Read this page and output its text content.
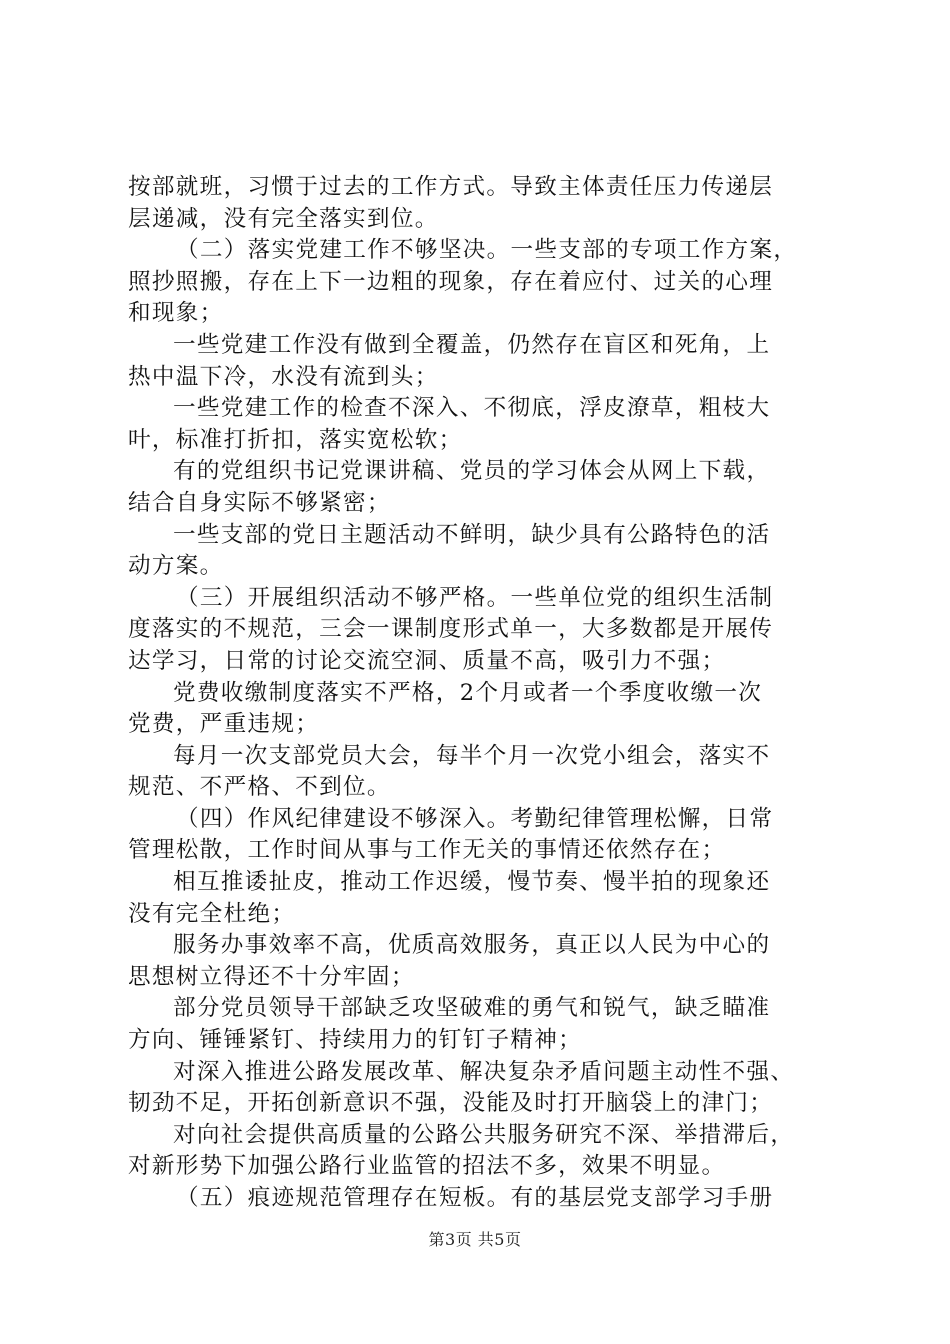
按部就班，习惯于过去的工作方式。导致主体责任压力传递层
层递减，没有完全落实到位。
（二）落实党建工作不够坚决。一些支部的专项工作方案，
照抄照搬，存在上下一边粗的现象，存在着应付、过关的心理
和现象；
一些党建工作没有做到全覆盖，仍然存在盲区和死角，上
热中温下冷，水没有流到头；
一些党建工作的检查不深入、不彻底，浮皮潦草，粗枝大
叶，标准打折扣，落实宽松软；
有的党组织书记党课讲稿、党员的学习体会从网上下载，
结合自身实际不够紧密；
一些支部的党日主题活动不鲜明，缺少具有公路特色的活
动方案。
（三）开展组织活动不够严格。一些单位党的组织生活制
度落实的不规范，三会一课制度形式单一，大多数都是开展传
达学习，日常的讨论交流空洞、质量不高，吸引力不强；
党费收缴制度落实不严格，2个月或者一个季度收缴一次
党费，严重违规；
每月一次支部党员大会，每半个月一次党小组会，落实不
规范、不严格、不到位。
（四）作风纪律建设不够深入。考勤纪律管理松懈，日常
管理松散，工作时间从事与工作无关的事情还依然存在；
相互推诿扯皮，推动工作迟缓，慢节奏、慢半拍的现象还
没有完全杜绝；
服务办事效率不高，优质高效服务，真正以人民为中心的
思想树立得还不十分牢固；
部分党员领导干部缺乏攻坚破难的勇气和锐气，缺乏瞄准
方向、锤锤紧钉、持续用力的钉钉子精神；
对深入推进公路发展改革、解决复杂矛盾问题主动性不强、
韧劲不足，开拓创新意识不强，没能及时打开脑袋上的津门；
对向社会提供高质量的公路公共服务研究不深、举措滞后，
对新形势下加强公路行业监管的招法不多，效果不明显。
（五）痕迹规范管理存在短板。有的基层党支部学习手册
第3页 共5页
